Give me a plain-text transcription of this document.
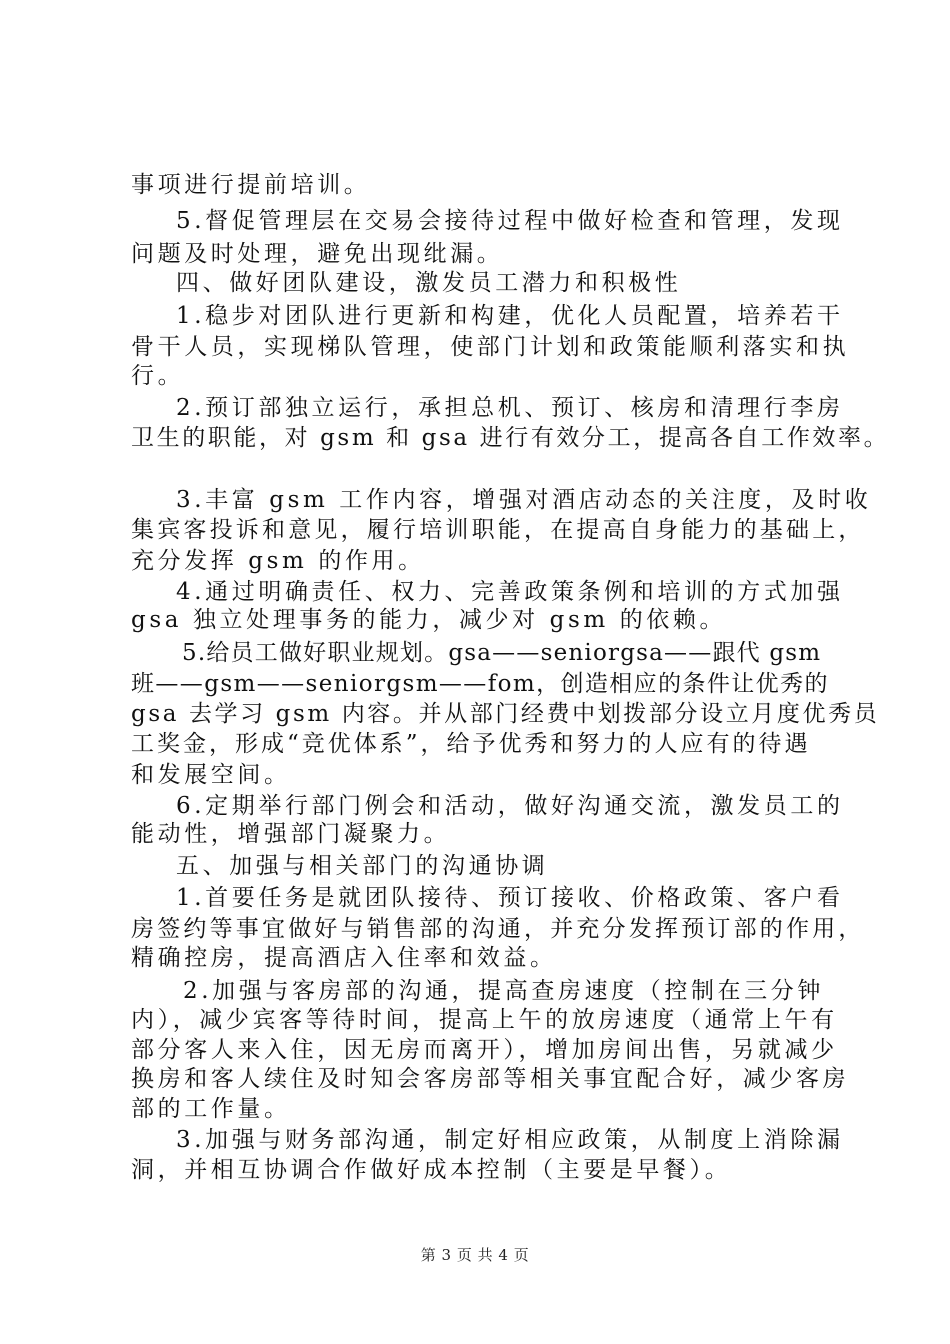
事项进行提前培训。
5.督促管理层在交易会接待过程中做好检查和管理，发现
问题及时处理，避免出现纰漏。
四、做好团队建设，激发员工潜力和积极性
1.稳步对团队进行更新和构建，优化人员配置，培养若干
骨干人员，实现梯队管理，使部门计划和政策能顺利落实和执
行。
2.预订部独立运行，承担总机、预订、核房和清理行李房
卫生的职能，对 gsm 和 gsa 进行有效分工，提高各自工作效率。
3.丰富 gsm 工作内容，增强对酒店动态的关注度，及时收
集宾客投诉和意见，履行培训职能，在提高自身能力的基础上，
充分发挥 gsm 的作用。
4.通过明确责任、权力、完善政策条例和培训的方式加强
gsa 独立处理事务的能力，减少对 gsm 的依赖。
5.给员工做好职业规划。gsa——seniorgsa——跟代 gsm
班——gsm——seniorgsm——fom，创造相应的条件让优秀的
gsa 去学习 gsm 内容。并从部门经费中划拨部分设立月度优秀员
工奖金，形成“竞优体系”，给予优秀和努力的人应有的待遇
和发展空间。
6.定期举行部门例会和活动，做好沟通交流，激发员工的
能动性，增强部门凝聚力。
五、加强与相关部门的沟通协调
1.首要任务是就团队接待、预订接收、价格政策、客户看
房签约等事宜做好与销售部的沟通，并充分发挥预订部的作用，
精确控房，提高酒店入住率和效益。
2.加强与客房部的沟通，提高查房速度（控制在三分钟
内），减少宾客等待时间，提高上午的放房速度（通常上午有
部分客人来入住，因无房而离开），增加房间出售，另就减少
换房和客人续住及时知会客房部等相关事宜配合好，减少客房
部的工作量。
3.加强与财务部沟通，制定好相应政策，从制度上消除漏
洞，并相互协调合作做好成本控制（主要是早餐）。
第 3 页 共 4 页
